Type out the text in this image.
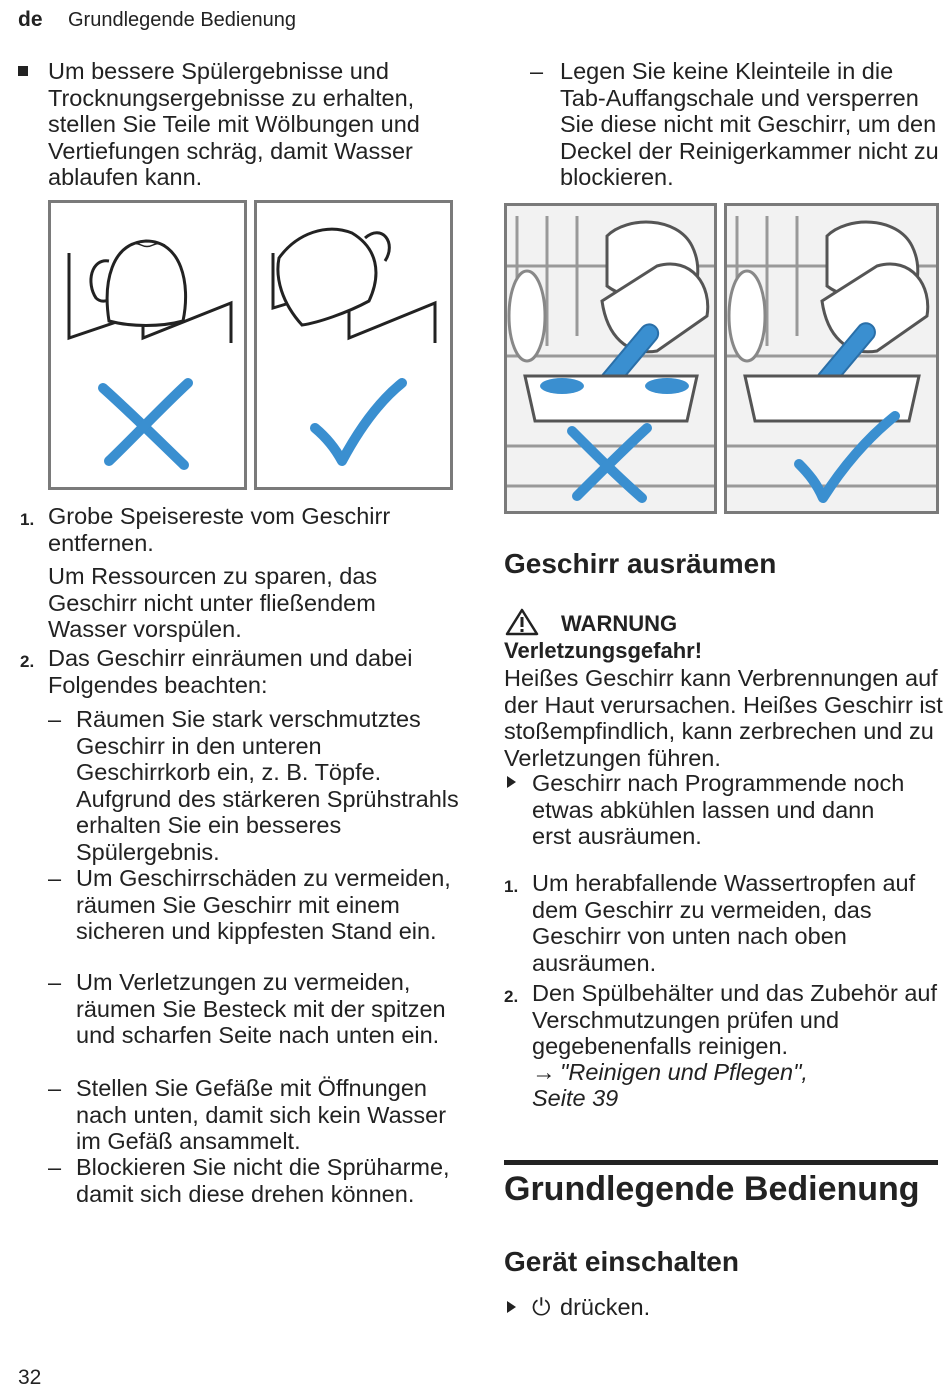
de Grundlegende Bedienung
Um bessere Spülergebnisse und Trocknungsergebnisse zu erhalten, stellen Sie Teile mit Wölbungen und Vertiefungen schräg, damit Wasser ablaufen kann.
– Legen Sie keine Kleinteile in die Tab-Auffangschale und versperren Sie diese nicht mit Geschirr, um den Deckel der Reinigerkammer nicht zu blockieren.
1. Grobe Speisereste vom Geschirr entfernen.
Um Ressourcen zu sparen, das Geschirr nicht unter fließendem Wasser vorspülen.
2. Das Geschirr einräumen und dabei Folgendes beachten:
– Räumen Sie stark verschmutztes Geschirr in den unteren Geschirrkorb ein, z. B. Töpfe. Aufgrund des stärkeren Sprühstrahls erhalten Sie ein besseres Spülergebnis.
– Um Geschirrschäden zu vermeiden, räumen Sie Geschirr mit einem sicheren und kippfesten Stand ein.
– Um Verletzungen zu vermeiden, räumen Sie Besteck mit der spitzen und scharfen Seite nach unten ein.
– Stellen Sie Gefäße mit Öffnungen nach unten, damit sich kein Wasser im Gefäß ansammelt.
– Blockieren Sie nicht die Sprüharme, damit sich diese drehen können.
Geschirr ausräumen
WARNUNG
Verletzungsgefahr!
Heißes Geschirr kann Verbrennungen auf der Haut verursachen. Heißes Geschirr ist stoßempfindlich, kann zerbrechen und zu Verletzungen führen.
Geschirr nach Programmende noch etwas abkühlen lassen und dann erst ausräumen.
1. Um herabfallende Wassertropfen auf dem Geschirr zu vermeiden, das Geschirr von unten nach oben ausräumen.
2. Den Spülbehälter und das Zubehör auf Verschmutzungen prüfen und gegebenenfalls reinigen.
→ "Reinigen und Pflegen",
Seite 39
Grundlegende Bedienung
Gerät einschalten
⏻ drücken.
32
